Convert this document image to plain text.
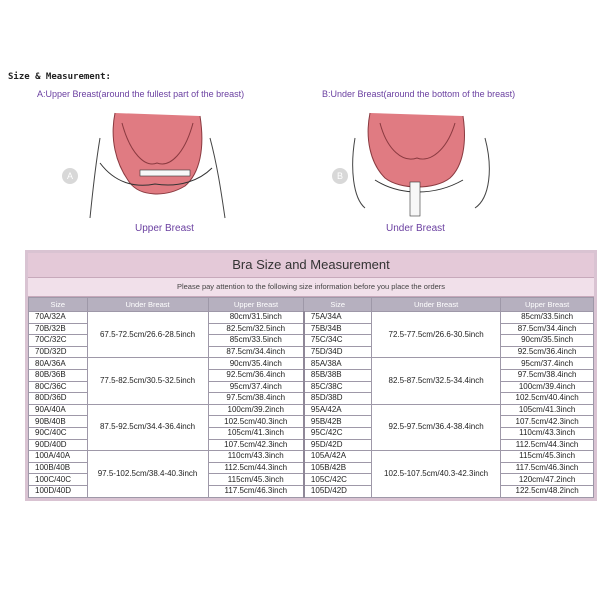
Size & Measurement:
A:Upper Breast(around the fullest part of the breast)	B:Under Breast(around the bottom of the breast)
A	B
Upper Breast	Under Breast
Bra Size and Measurement
Please pay attention to the following size information before you place the orders
Size	Under Breast	Upper Breast	Size	Under Breast	Upper Breast
70A/32A	67.5-72.5cm/26.6-28.5inch	80cm/31.5inch	75A/34A	72.5-77.5cm/26.6-30.5inch	85cm/33.5inch
70B/32B		82.5cm/32.5inch	75B/34B		87.5cm/34.4inch
70C/32C		85cm/33.5inch	75C/34C		90cm/35.5inch
70D/32D		87.5cm/34.4inch	75D/34D		92.5cm/36.4inch
80A/36A	77.5-82.5cm/30.5-32.5inch	90cm/35.4inch	85A/38A	82.5-87.5cm/32.5-34.4inch	95cm/37.4inch
80B/36B		92.5cm/36.4inch	85B/38B		97.5cm/38.4inch
80C/36C		95cm/37.4inch	85C/38C		100cm/39.4inch
80D/36D		97.5cm/38.4inch	85D/38D		102.5cm/40.4inch
90A/40A	87.5-92.5cm/34.4-36.4inch	100cm/39.2inch	95A/42A	92.5-97.5cm/36.4-38.4inch	105cm/41.3inch
90B/40B		102.5cm/40.3inch	95B/42B		107.5cm/42.3inch
90C/40C		105cm/41.3inch	95C/42C		110cm/43.3inch
90D/40D		107.5cm/42.3inch	95D/42D		112.5cm/44.3inch
100A/40A	97.5-102.5cm/38.4-40.3inch	110cm/43.3inch	105A/42A	102.5-107.5cm/40.3-42.3inch	115cm/45.3inch
100B/40B		112.5cm/44.3inch	105B/42B		117.5cm/46.3inch
100C/40C		115cm/45.3inch	105C/42C		120cm/47.2inch
100D/40D		117.5cm/46.3inch	105D/42D		122.5cm/48.2inch
